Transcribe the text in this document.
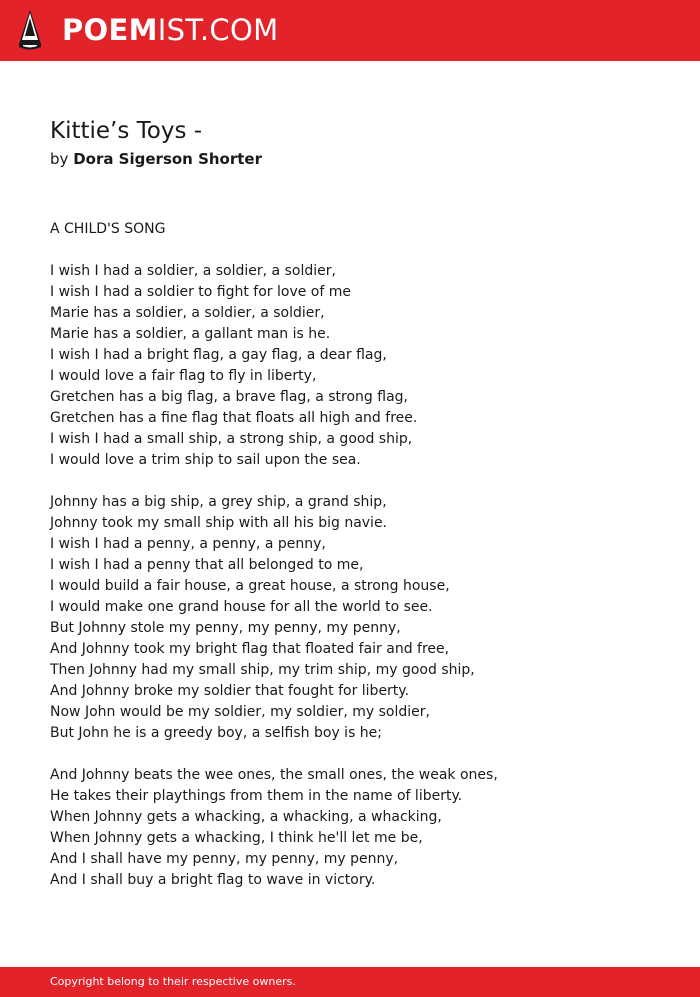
POEMIST.COM
Kittie’s Toys -
by Dora Sigerson Shorter
A CHILD'S SONG
I wish I had a soldier, a soldier, a soldier,
I wish I had a soldier to fight for love of me
Marie has a soldier, a soldier, a soldier,
Marie has a soldier, a gallant man is he.
I wish I had a bright flag, a gay flag, a dear flag,
I would love a fair flag to fly in liberty,
Gretchen has a big flag, a brave flag, a strong flag,
Gretchen has a fine flag that floats all high and free.
I wish I had a small ship, a strong ship, a good ship,
I would love a trim ship to sail upon the sea.
Johnny has a big ship, a grey ship, a grand ship,
Johnny took my small ship with all his big navie.
I wish I had a penny, a penny, a penny,
I wish I had a penny that all belonged to me,
I would build a fair house, a great house, a strong house,
I would make one grand house for all the world to see.
But Johnny stole my penny, my penny, my penny,
And Johnny took my bright flag that floated fair and free,
Then Johnny had my small ship, my trim ship, my good ship,
And Johnny broke my soldier that fought for liberty.
Now John would be my soldier, my soldier, my soldier,
But John he is a greedy boy, a selfish boy is he;
And Johnny beats the wee ones, the small ones, the weak ones,
He takes their playthings from them in the name of liberty.
When Johnny gets a whacking, a whacking, a whacking,
When Johnny gets a whacking, I think he'll let me be,
And I shall have my penny, my penny, my penny,
And I shall buy a bright flag to wave in victory.
Copyright belong to their respective owners.
